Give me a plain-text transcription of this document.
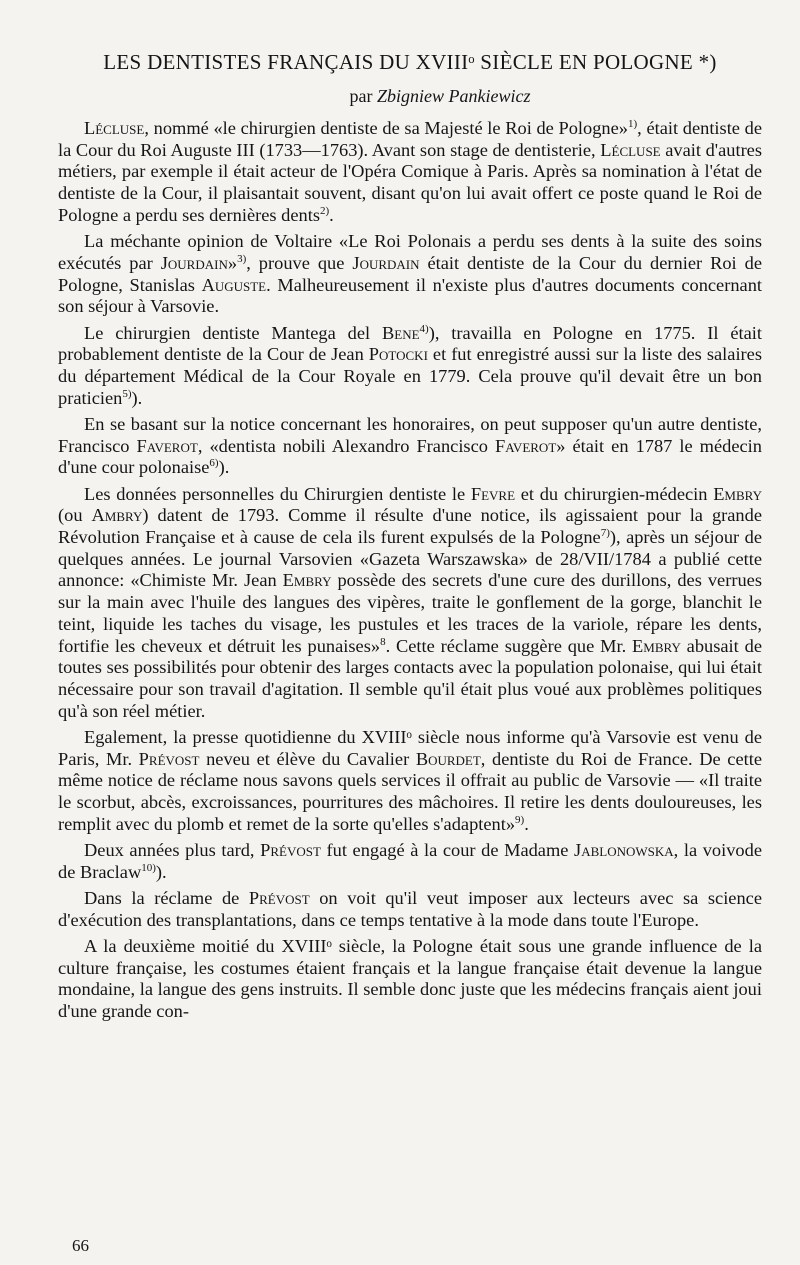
LES DENTISTES FRANÇAIS DU XVIIIᵒ SIÈCLE EN POLOGNE *)
par Zbigniew Pankiewicz

Lécluse, nommé «le chirurgien dentiste de sa Majesté le Roi de Pologne»$^{1)}$, était dentiste de la Cour du Roi Auguste III (1733—1763). Avant son stage de dentisterie, Lécluse avait d'autres métiers, par exemple il était acteur de l'Opéra Comique à Paris. Après sa nomination à l'état de dentiste de la Cour, il plaisantait souvent, disant qu'on lui avait offert ce poste quand le Roi de Pologne a perdu ses dernières dents$^{2)}$.

La méchante opinion de Voltaire «Le Roi Polonais a perdu ses dents à la suite des soins exécutés par Jourdain»$^{3)}$, prouve que Jourdain était dentiste de la Cour du dernier Roi de Pologne, Stanislas Auguste. Malheureusement il n'existe plus d'autres documents concernant son séjour à Varsovie.

Le chirurgien dentiste Mantega del Bene$^{4)}$), travailla en Pologne en 1775. Il était probablement dentiste de la Cour de Jean Potocki et fut enregistré aussi sur la liste des salaires du département Médical de la Cour Royale en 1779. Cela prouve qu'il devait être un bon praticien$^{5)}$).

En se basant sur la notice concernant les honoraires, on peut supposer qu'un autre dentiste, Francisco Faverot, «dentista nobili Alexandro Francisco Faverot» était en 1787 le médecin d'une cour polonaise$^{6)}$).

Les données personnelles du Chirurgien dentiste le Fevre et du chirurgien-médecin Embry (ou Ambry) datent de 1793. Comme il résulte d'une notice, ils agissaient pour la grande Révolution Française et à cause de cela ils furent expulsés de la Pologne$^{7)}$), après un séjour de quelques années. Le journal Varsovien «Gazeta Warszawska» de 28/VII/1784 a publié cette annonce: «Chimiste Mr. Jean Embry possède des secrets d'une cure des durillons, des verrues sur la main avec l'huile des langues des vipères, traite le gonflement de la gorge, blanchit le teint, liquide les taches du visage, les pustules et les traces de la variole, répare les dents, fortifie les cheveux et détruit les punaises»$^8$. Cette réclame suggère que Mr. Embry abusait de toutes ses possibilités pour obtenir des larges contacts avec la population polonaise, qui lui était nécessaire pour son travail d'agitation. Il semble qu'il était plus voué aux problèmes politiques qu'à son réel métier.

Egalement, la presse quotidienne du XVIIIᵒ siècle nous informe qu'à Varsovie est venu de Paris, Mr. Prévost neveu et élève du Cavalier Bourdet, dentiste du Roi de France. De cette même notice de réclame nous savons quels services il offrait au public de Varsovie — «Il traite le scorbut, abcès, excroissances, pourritures des mâchoires. Il retire les dents douloureuses, les remplit avec du plomb et remet de la sorte qu'elles s'adaptent»$^{9)}$.

Deux années plus tard, Prévost fut engagé à la cour de Madame Jablonowska, la voivode de Braclaw$^{10)}$).

Dans la réclame de Prévost on voit qu'il veut imposer aux lecteurs avec sa science d'exécution des transplantations, dans ce temps tentative à la mode dans toute l'Europe.

A la deuxième moitié du XVIIIᵒ siècle, la Pologne était sous une grande influence de la culture française, les costumes étaient français et la langue française était devenue la langue mondaine, la langue des gens instruits. Il semble donc juste que les médecins français aient joui d'une grande con-

66
